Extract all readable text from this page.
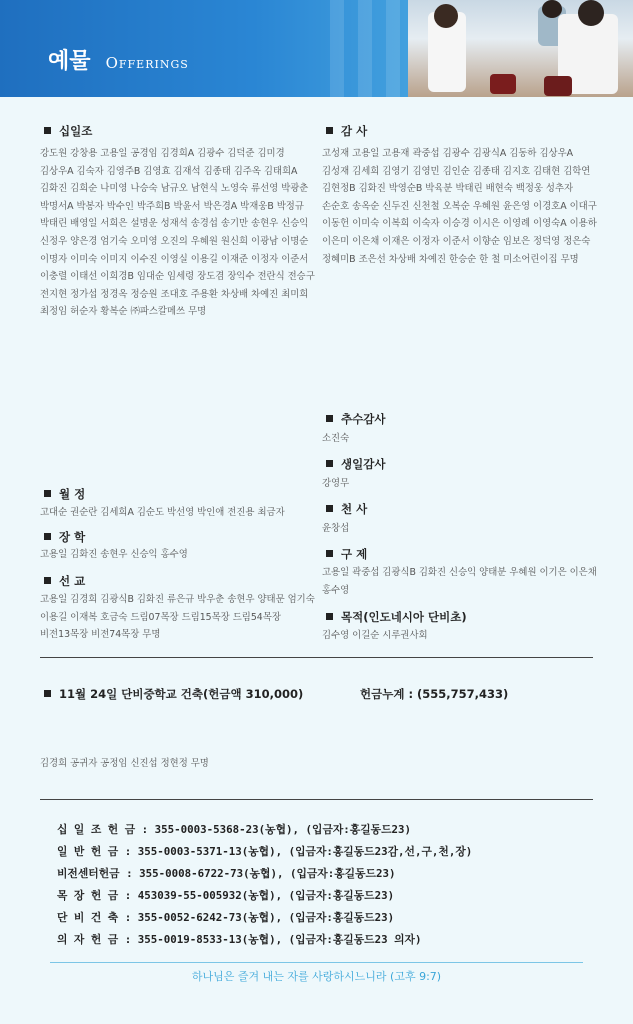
예물 Offerings
십일조
강도원 강창용 고용일 공경임 김경희A 김광수 김덕준 김미경 김상우A 김숙자 김영주B 김영효 김재석 김종태 김주옥 김태희A 김화진 김희순 나미영 나승숙 남규오 남현식 노영숙 류선영 박광춘 박명서A 박봉자 박수인 박주희B 박윤서 박은경A 박재웅B 박정규 박태린 배영일 서희은 설명운 성재석 송경섭 송기만 송현우 신승익 신정우 양은경 엄기숙 오미영 오진의 우혜원 원신희 이광남 이명순 이명자 이미숙 이미지 이수진 이영실 이용길 이재준 이정자 이준서 이충렬 이태선 이희경B 임대순 임세령 장도겸 장익수 전란식 전승구 전지현 정가섭 정경옥 정승원 조대호 주용환 차상배 차예진 최미희 최정임 허순자 황복순 ㈜파스칼메쓰 무명
감 사
고성재 고용일 고용재 곽중섭 김광수 김광식A 김동하 김상우A 김성재 김세희 김영기 김영민 김인순 김종태 김지호 김태현 김학연 김현정B 김화진 박영순B 박육분 박태린 배현숙 백정웅 성추자 손순호 송옥순 신두진 신천철 오복순 우혜원 윤은영 이경호A 이대구 이동헌 이미숙 이복희 이숙자 이승경 이시은 이영례 이영숙A 이용하 이은미 이은채 이재은 이정자 이준서 이향순 임보은 정덕영 정은숙 정혜미B 조은선 차상배 차예진 한승순 한 철 미소어린이집 무명
추수감사
소진숙
생일감사
강영무
천 사
윤창섭
구 제
고용일 곽중섭 김광식B 김화진 신승익 양태분 우혜원 이기은 이은채 홍수영
목적(인도네시아 단비초)
김수영 이길순 시루권사회
월 정
고대순 권순란 김세희A 김순도 박선영 박인애 전진용 최금자
장 학
고용일 김화진 송현우 신승익 홍수영
선 교
고용일 김경희 김광식B 김화진 류은규 박우춘 송현우 양태문 엄기숙 이용길 이재복 호금숙 드림07목장 드림15목장 드림54목장 비전13목장 비전74목장 무명
11월 24일 단비중학교 건축(헌금액 310,000)	헌금누계 : (555,757,433)
김경희 공귀자 공정임 신진섭 정현정 무명
십 일 조 헌 금 : 355-0003-5368-23(농협), (입금자:홍길동드23)
일 반 헌 금 : 355-0003-5371-13(농협), (입금자:홍길동드23감,선,구,천,장)
비전센터헌금 : 355-0008-6722-73(농협), (입금자:홍길동드23)
목 장 헌 금 : 453039-55-005932(농협), (입금자:홍길동드23)
단 비 건 축 : 355-0052-6242-73(농협), (입금자:홍길동드23)
의 자 헌 금 : 355-0019-8533-13(농협), (입금자:홍길동드23 의자)
하나님은 즐겨 내는 자를 사랑하시느니라 (고후 9:7)
